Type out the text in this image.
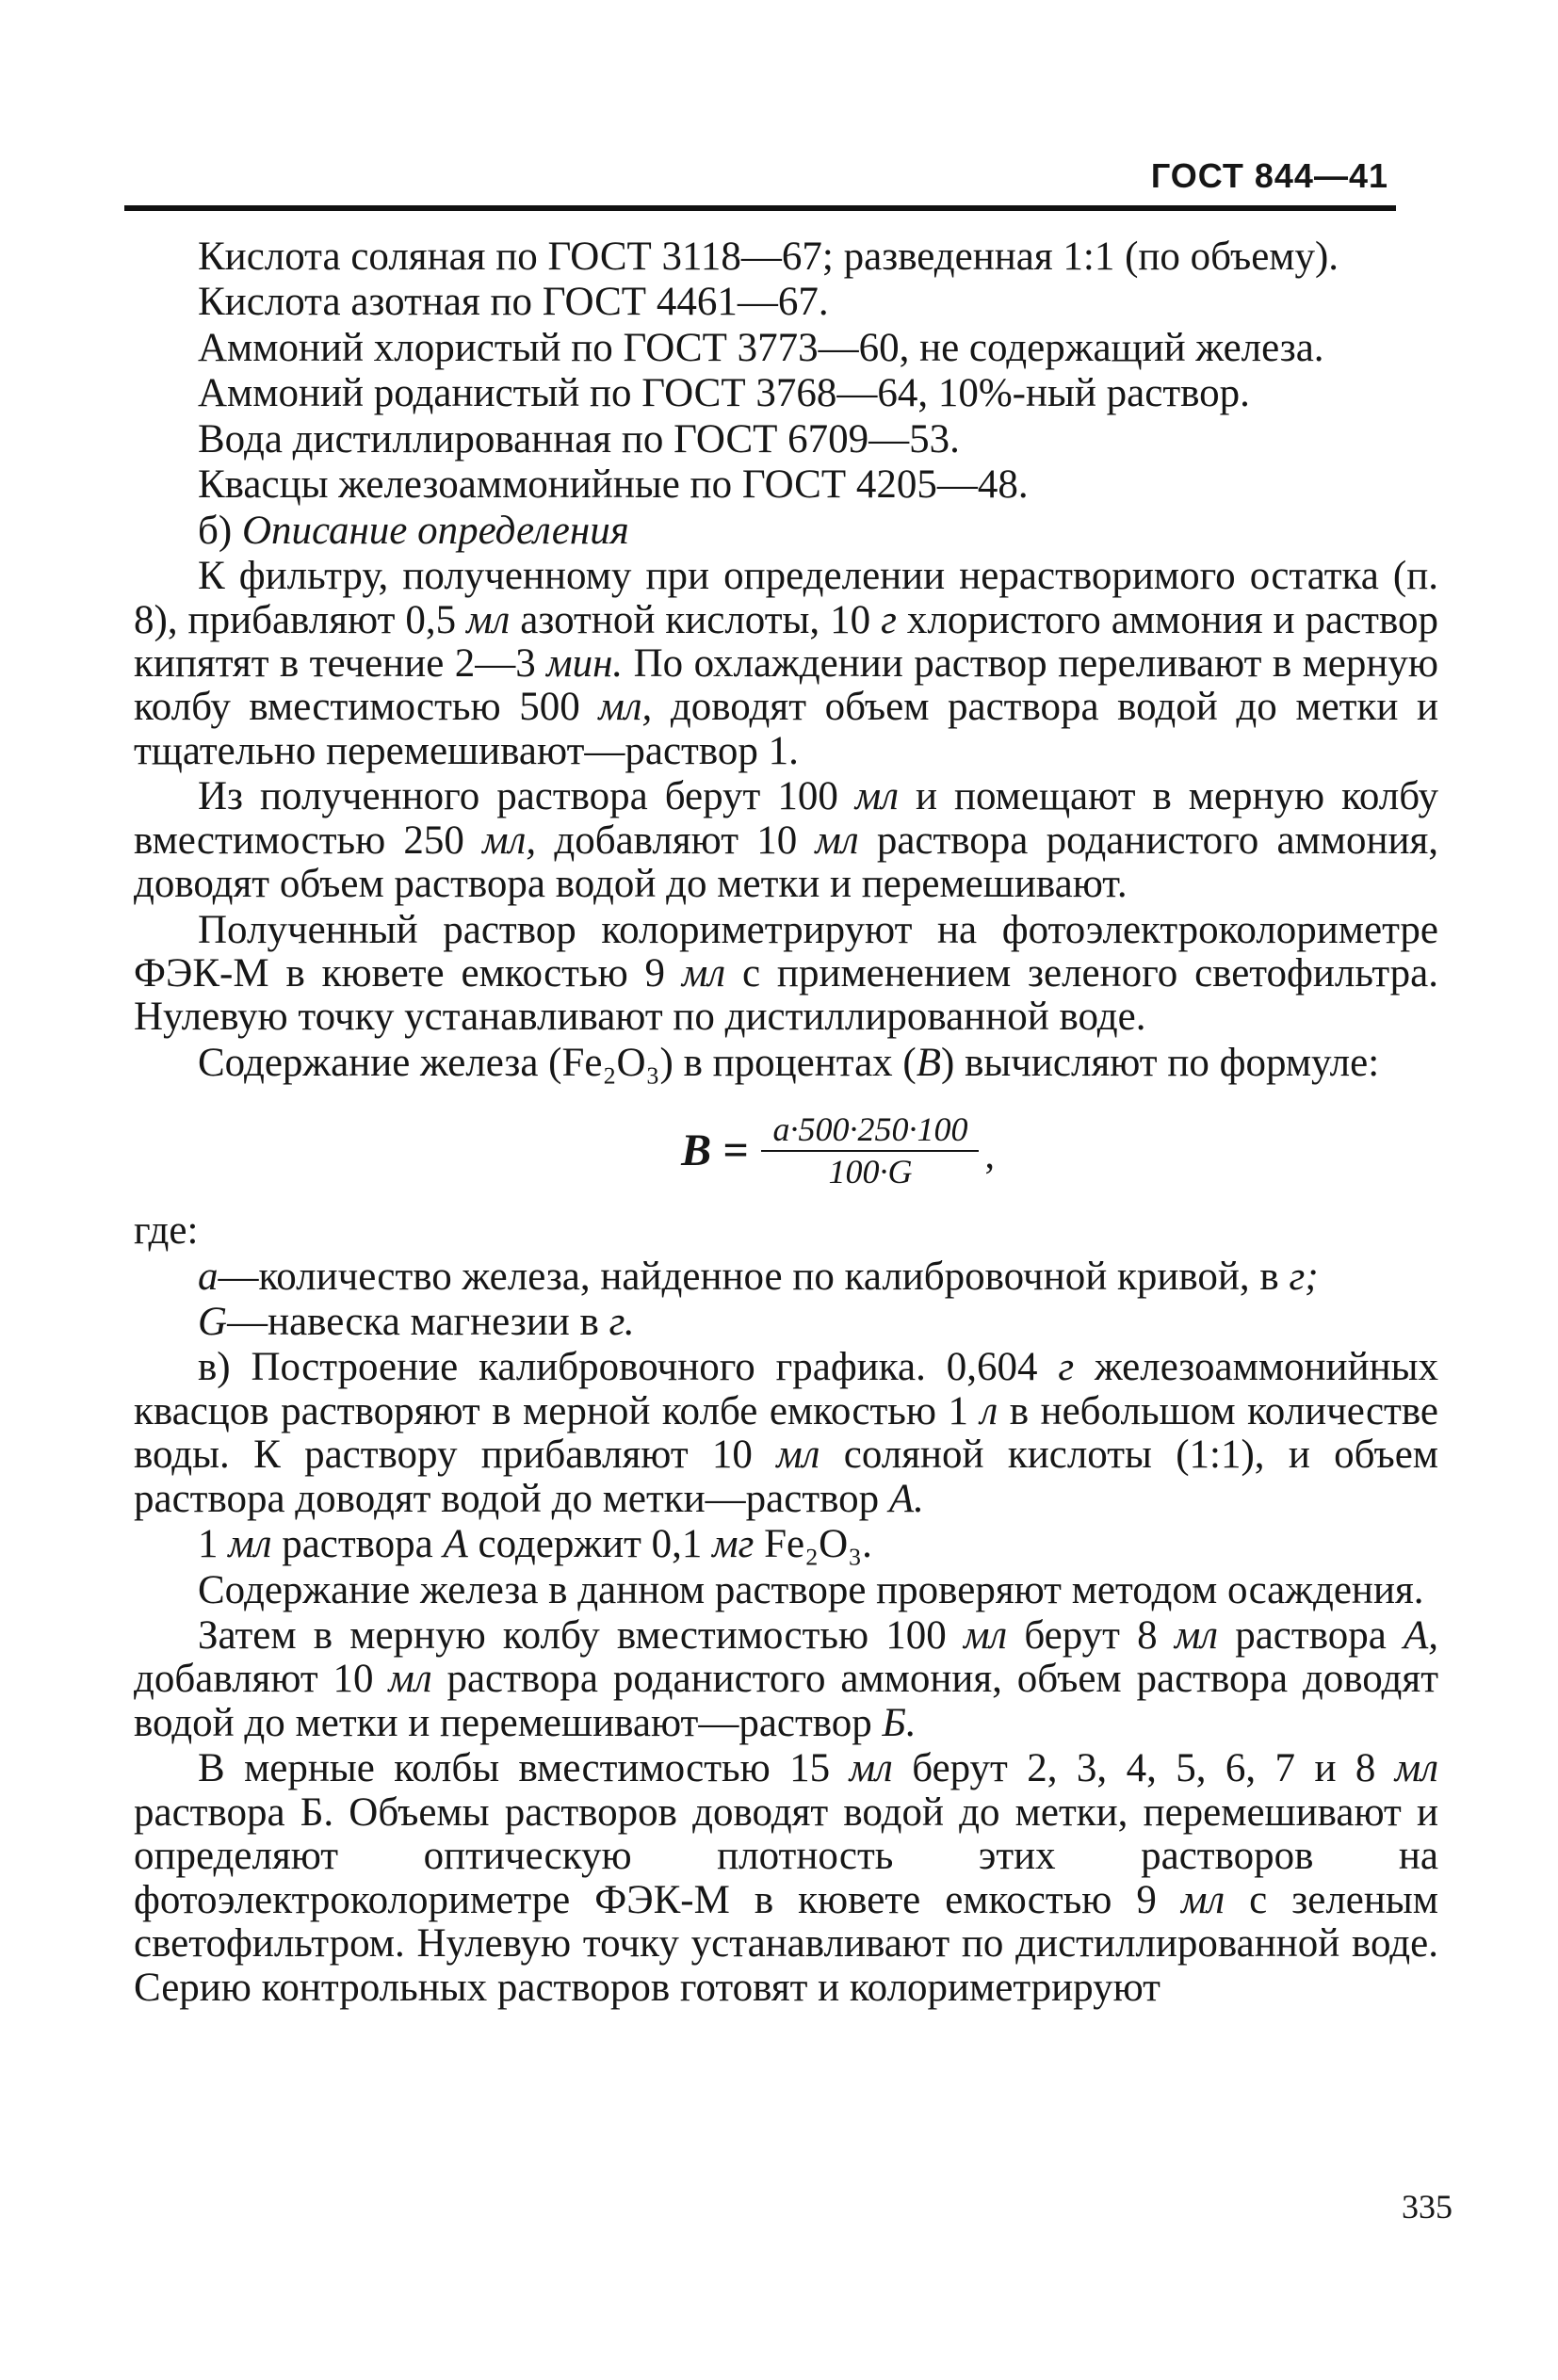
ГОСТ 844—41

Кислота соляная по ГОСТ 3118—67; разведенная 1:1 (по объему).

Кислота азотная по ГОСТ 4461—67.

Аммоний хлористый по ГОСТ 3773—60, не содержащий железа.

Аммоний роданистый по ГОСТ 3768—64, 10%-ный раствор.

Вода дистиллированная по ГОСТ 6709—53.

Квасцы железоаммонийные по ГОСТ 4205—48.

б) Описание определения

К фильтру, полученному при определении нерастворимого остатка (п. 8), прибавляют 0,5 мл азотной кислоты, 10 г хлористого аммония и раствор кипятят в течение 2—3 мин. По охлаждении раствор переливают в мерную колбу вместимостью 500 мл, доводят объем раствора водой до метки и тщательно перемешивают—раствор 1.

Из полученного раствора берут 100 мл и помещают в мерную колбу вместимостью 250 мл, добавляют 10 мл раствора роданистого аммония, доводят объем раствора водой до метки и перемешивают.

Полученный раствор колориметрируют на фотоэлектроколориметре ФЭК-М в кювете емкостью 9 мл с применением зеленого светофильтра. Нулевую точку устанавливают по дистиллированной воде.

Содержание железа (Fe₂O₃) в процентах (B) вычисляют по формуле:

$B = \frac{a\cdot 500\cdot 250\cdot 100}{100\cdot G}$ ,

где:

a—количество железа, найденное по калибровочной кривой, в г;

G—навеска магнезии в г.

в) Построение калибровочного графика. 0,604 г железоаммонийных квасцов растворяют в мерной колбе емкостью 1 л в небольшом количестве воды. К раствору прибавляют 10 мл соляной кислоты (1:1), и объем раствора доводят водой до метки—раствор А.

1 мл раствора А содержит 0,1 мг Fe₂O₃.

Содержание железа в данном растворе проверяют методом осаждения.

Затем в мерную колбу вместимостью 100 мл берут 8 мл раствора А, добавляют 10 мл раствора роданистого аммония, объем раствора доводят водой до метки и перемешивают—раствор Б.

В мерные колбы вместимостью 15 мл берут 2, 3, 4, 5, 6, 7 и 8 мл раствора Б. Объемы растворов доводят водой до метки, перемешивают и определяют оптическую плотность этих растворов на фотоэлектроколориметре ФЭК-М в кювете емкостью 9 мл с зеленым светофильтром. Нулевую точку устанавливают по дистиллированной воде. Серию контрольных растворов готовят и колориметрируют

335
